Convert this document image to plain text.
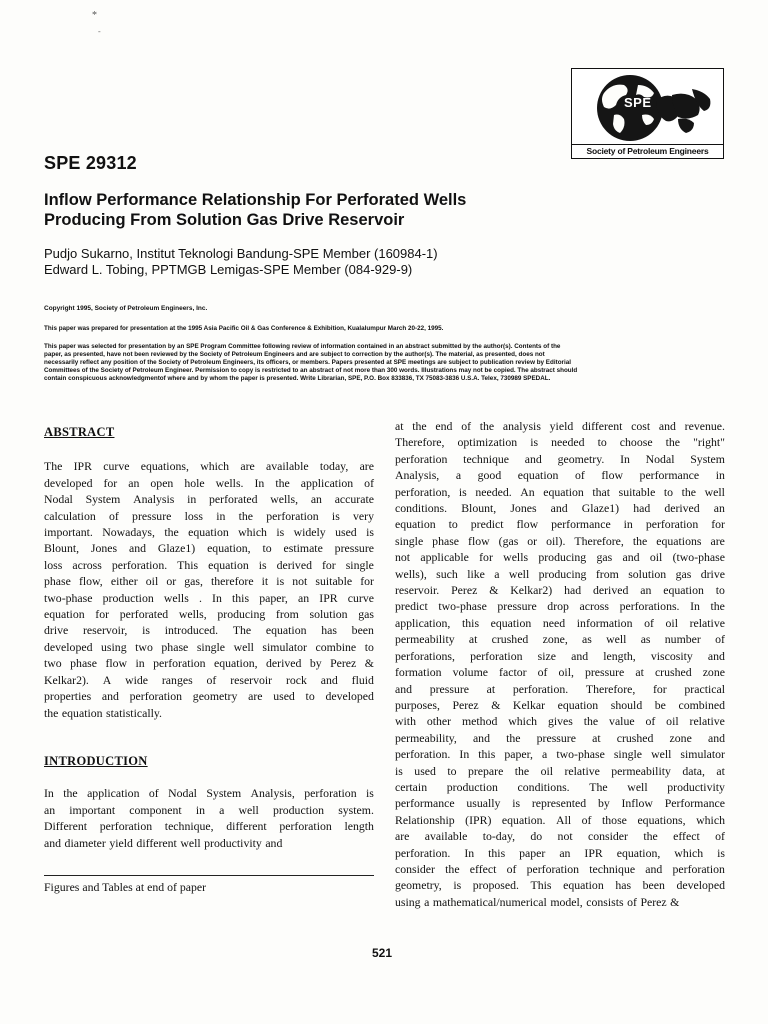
*
-
SPE
Society of Petroleum Engineers
SPE 29312
Inflow Performance Relationship For Perforated Wells
Producing From Solution Gas Drive Reservoir
Pudjo Sukarno, Institut Teknologi Bandung-SPE Member (160984-1)
Edward L. Tobing, PPTMGB Lemigas-SPE Member (084-929-9)
Copyright 1995, Society of Petroleum Engineers, Inc.
This paper was prepared for presentation at the 1995 Asia Pacific Oil & Gas Conference & Exhibition, Kualalumpur March 20-22, 1995.
This paper was selected for presentation by an SPE Program Committee following review of information contained in an abstract submitted by the author(s). Contents of the
paper, as presented, have not been reviewed by the Society of Petroleum Engineers and are subject to correction by the author(s). The material, as presented, does not
necessarily reflect any position of the Society of Petroleum Engineers, its officers, or members. Papers presented at SPE meetings are subject to publication review by Editorial
Committees of the Society of Petroleum Engineer. Permission to copy is restricted to an abstract of not more than 300 words. Illustrations may not be copied. The abstract should
contain conspicuous acknowledgmentof where and by whom the paper is presented. Write Librarian, SPE, P.O. Box 833836, TX 75083-3836 U.S.A. Telex, 730989 SPEDAL.
ABSTRACT
The IPR curve equations, which are available today, are
developed for an open hole wells. In the application of
Nodal System Analysis in perforated wells, an accurate
calculation of pressure loss in the perforation is very
important. Nowadays, the equation which is widely used is
Blount, Jones and Glaze1) equation, to estimate pressure
loss across perforation. This equation is derived for single
phase flow, either oil or gas, therefore it is not suitable for
two-phase production wells . In this paper, an IPR curve
equation for perforated wells, producing from solution gas
drive reservoir, is introduced. The equation has been
developed using two phase single well simulator combine to
two phase flow in perforation equation, derived by Perez &
Kelkar2). A wide ranges of reservoir rock and fluid
properties and perforation geometry are used to developed
the equation statistically.
INTRODUCTION
In the application of Nodal System Analysis, perforation is
an important component in a well production system.
Different perforation technique, different perforation length
and diameter yield different well productivity and
Figures and Tables at end of paper
at the end of the analysis yield different cost and revenue.
Therefore, optimization is needed to choose the "right"
perforation technique and geometry. In Nodal System
Analysis, a good equation of flow performance in
perforation, is needed. An equation that suitable to the well
conditions. Blount, Jones and Glaze1) had derived an
equation to predict flow performance in perforation for
single phase flow (gas or oil). Therefore, the equations are
not applicable for wells producing gas and oil (two-phase
wells), such like a well producing from solution gas drive
reservoir. Perez & Kelkar2) had derived an equation to
predict two-phase pressure drop across perforations. In the
application, this equation need information of oil relative
permeability at crushed zone, as well as number of
perforations, perforation size and length, viscosity and
formation volume factor of oil, pressure at crushed zone
and pressure at perforation. Therefore, for practical
purposes, Perez & Kelkar equation should be combined
with other method which gives the value of oil relative
permeability, and the pressure at crushed zone and
perforation. In this paper, a two-phase single well simulator
is used to prepare the oil relative permeability data, at
certain production conditions. The well productivity
performance usually is represented by Inflow Performance
Relationship (IPR) equation. All of those equations, which
are available to-day, do not consider the effect of
perforation. In this paper an IPR equation, which is
consider the effect of perforation technique and perforation
geometry, is proposed. This equation has been developed
using a mathematical/numerical model, consists of Perez &
521
